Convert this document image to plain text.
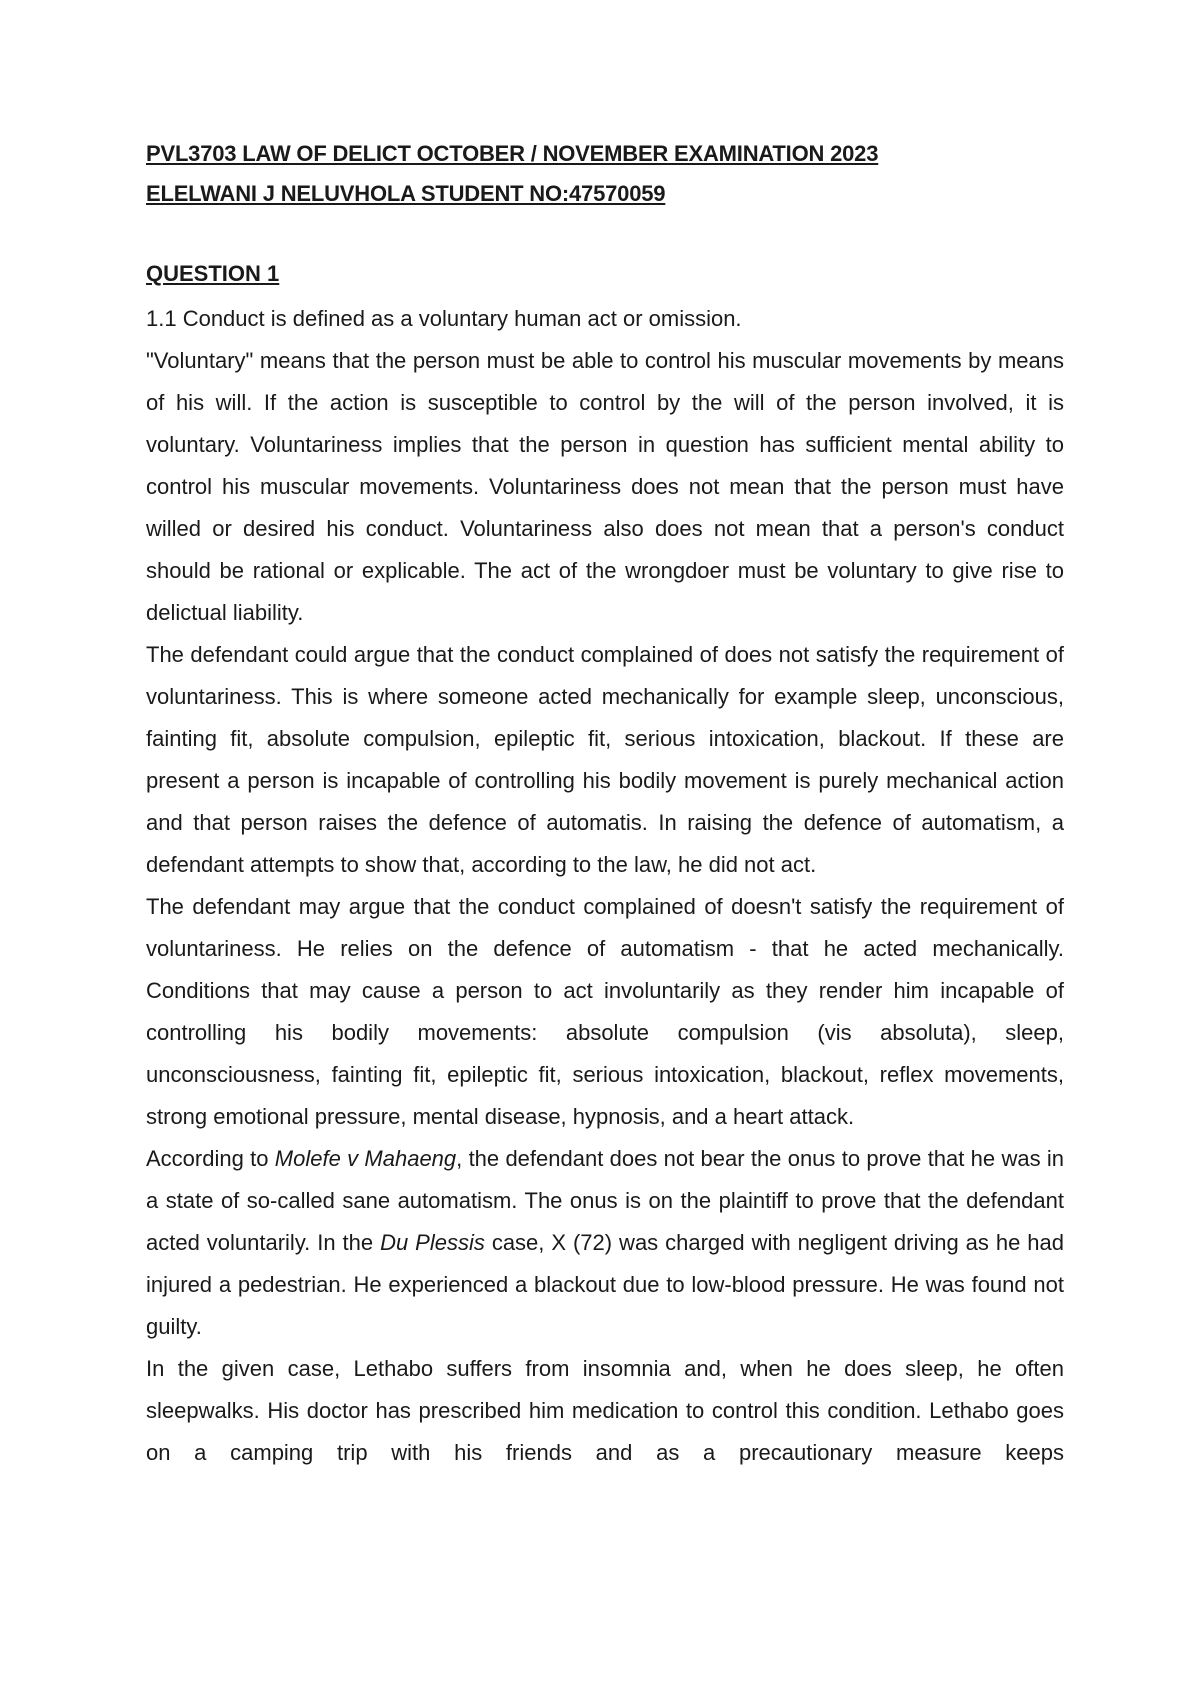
PVL3703 LAW OF DELICT OCTOBER / NOVEMBER EXAMINATION 2023

ELELWANI J NELUVHOLA STUDENT NO:47570059

QUESTION 1

1.1 Conduct is defined as a voluntary human act or omission.

"Voluntary" means that the person must be able to control his muscular movements by means of his will. If the action is susceptible to control by the will of the person involved, it is voluntary. Voluntariness implies that the person in question has sufficient mental ability to control his muscular movements. Voluntariness does not mean that the person must have willed or desired his conduct. Voluntariness also does not mean that a person's conduct should be rational or explicable. The act of the wrongdoer must be voluntary to give rise to delictual liability.

The defendant could argue that the conduct complained of does not satisfy the requirement of voluntariness. This is where someone acted mechanically for example sleep, unconscious, fainting fit, absolute compulsion, epileptic fit, serious intoxication, blackout. If these are present a person is incapable of controlling his bodily movement is purely mechanical action and that person raises the defence of automatis. In raising the defence of automatism, a defendant attempts to show that, according to the law, he did not act.

The defendant may argue that the conduct complained of doesn't satisfy the requirement of voluntariness. He relies on the defence of automatism - that he acted mechanically. Conditions that may cause a person to act involuntarily as they render him incapable of controlling his bodily movements: absolute compulsion (vis absoluta), sleep, unconsciousness, fainting fit, epileptic fit, serious intoxication, blackout, reflex movements, strong emotional pressure, mental disease, hypnosis, and a heart attack.

According to Molefe v Mahaeng, the defendant does not bear the onus to prove that he was in a state of so-called sane automatism. The onus is on the plaintiff to prove that the defendant acted voluntarily. In the Du Plessis case, X (72) was charged with negligent driving as he had injured a pedestrian. He experienced a blackout due to low-blood pressure. He was found not guilty.

In the given case, Lethabo suffers from insomnia and, when he does sleep, he often sleepwalks. His doctor has prescribed him medication to control this condition. Lethabo goes on a camping trip with his friends and as a precautionary measure keeps
